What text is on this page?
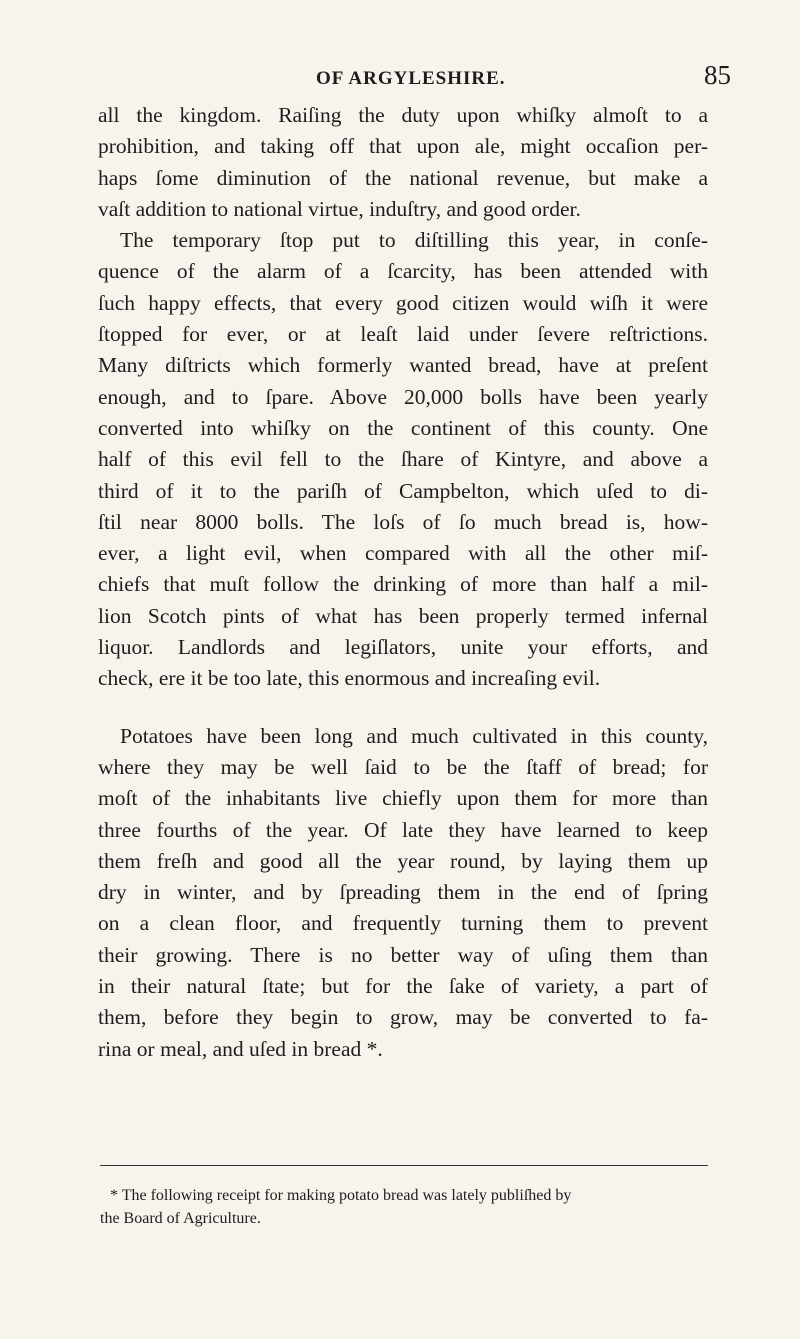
OF ARGYLESHIRE.	85
all the kingdom. Raiſing the duty upon whiſky almoſt to a
prohibition, and taking off that upon ale, might occaſion per-
haps ſome diminution of the national revenue, but make a
vaſt addition to national virtue, induſtry, and good order.
The temporary ſtop put to diſtilling this year, in conſe-
quence of the alarm of a ſcarcity, has been attended with
ſuch happy effects, that every good citizen would wiſh it were
ſtopped for ever, or at leaſt laid under ſevere reſtrictions.
Many diſtricts which formerly wanted bread, have at preſent
enough, and to ſpare. Above 20,000 bolls have been yearly
converted into whiſky on the continent of this county. One
half of this evil fell to the ſhare of Kintyre, and above a
third of it to the pariſh of Campbelton, which uſed to di-
ſtil near 8000 bolls. The loſs of ſo much bread is, how-
ever, a light evil, when compared with all the other miſ-
chiefs that muſt follow the drinking of more than half a mil-
lion Scotch pints of what has been properly termed infernal
liquor. Landlords and legiſlators, unite your efforts, and
check, ere it be too late, this enormous and increaſing evil.
Potatoes have been long and much cultivated in this county,
where they may be well ſaid to be the ſtaff of bread; for
moſt of the inhabitants live chiefly upon them for more than
three fourths of the year. Of late they have learned to keep
them freſh and good all the year round, by laying them up
dry in winter, and by ſpreading them in the end of ſpring
on a clean floor, and frequently turning them to prevent
their growing. There is no better way of uſing them than
in their natural ſtate; but for the ſake of variety, a part of
them, before they begin to grow, may be converted to fa-
rina or meal, and uſed in bread *.
* The following receipt for making potato bread was lately publiſhed by
the Board of Agriculture.
